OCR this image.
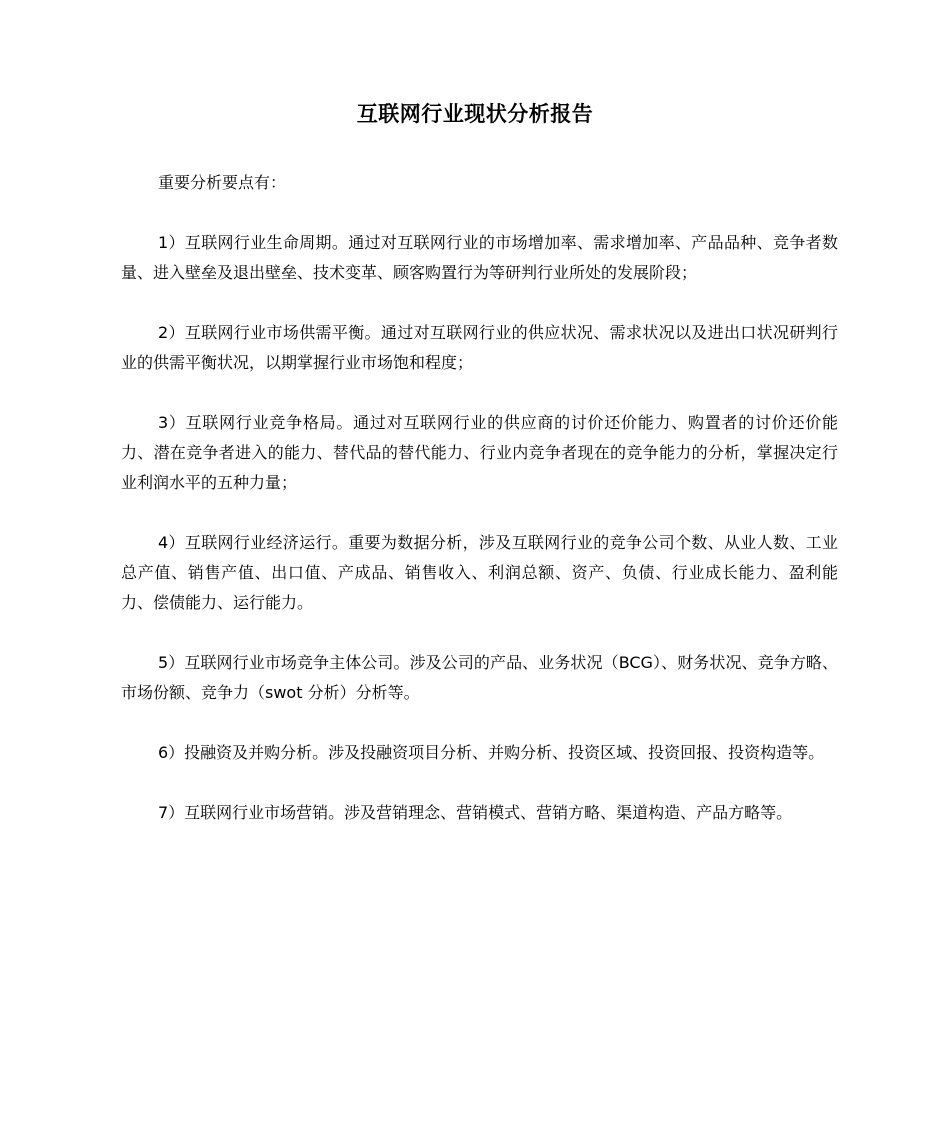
互联网行业现状分析报告

重要分析要点有：

1）互联网行业生命周期。通过对互联网行业的市场增加率、需求增加率、产品品种、竞争者数量、进入壁垒及退出壁垒、技术变革、顾客购置行为等研判行业所处的发展阶段；

2）互联网行业市场供需平衡。通过对互联网行业的供应状况、需求状况以及进出口状况研判行业的供需平衡状况，以期掌握行业市场饱和程度；

3）互联网行业竞争格局。通过对互联网行业的供应商的讨价还价能力、购置者的讨价还价能力、潜在竞争者进入的能力、替代品的替代能力、行业内竞争者现在的竞争能力的分析，掌握决定行业利润水平的五种力量；

4）互联网行业经济运行。重要为数据分析，涉及互联网行业的竞争公司个数、从业人数、工业总产值、销售产值、出口值、产成品、销售收入、利润总额、资产、负债、行业成长能力、盈利能力、偿债能力、运行能力。

5）互联网行业市场竞争主体公司。涉及公司的产品、业务状况（BCG）、财务状况、竞争方略、市场份额、竞争力（swot 分析）分析等。

6）投融资及并购分析。涉及投融资项目分析、并购分析、投资区域、投资回报、投资构造等。

7）互联网行业市场营销。涉及营销理念、营销模式、营销方略、渠道构造、产品方略等。
